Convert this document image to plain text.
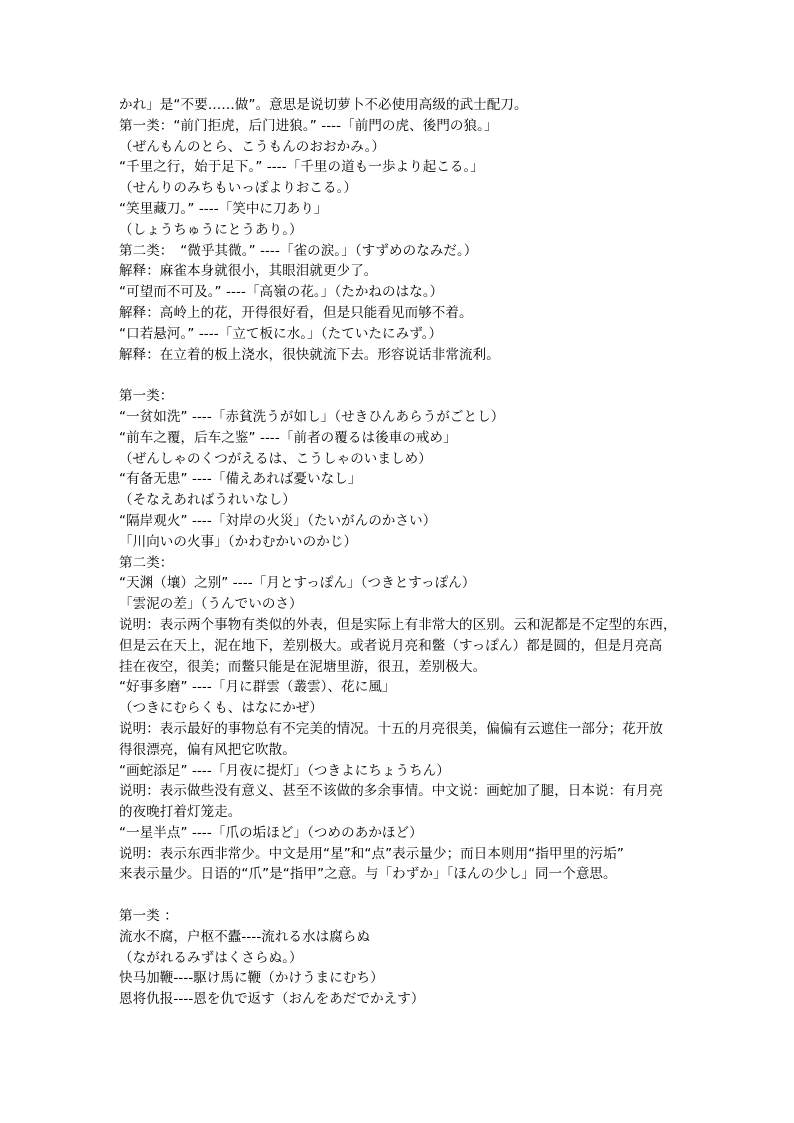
かれ」是“不要……做”。意思是说切萝卜不必使用高级的武士配刀。
第一类：“前门拒虎，后门进狼。” ----「前門の虎、後門の狼。」
（ぜんもんのとら、こうもんのおおかみ。）
“千里之行，始于足下。” ----「千里の道も一歩より起こる。」
（せんりのみちもいっぽよりおこる。）
“笑里藏刀。” ----「笑中に刀あり」
（しょうちゅうにとうあり。）
第二类：　“微乎其微。” ----「雀の涙。」（すずめのなみだ。）
解释：麻雀本身就很小，其眼泪就更少了。
“可望而不可及。” ----「高嶺の花。」（たかねのはな。）
解释：高岭上的花，开得很好看，但是只能看见而够不着。
“口若悬河。” ----「立て板に水。」（たていたにみず。）
解释：在立着的板上浇水，很快就流下去。形容说话非常流利。
第一类：
“一贫如洗” ----「赤貧洗うが如し」（せきひんあらうがごとし）
“前车之覆，后车之鉴” ----「前者の覆るは後車の戒め」
（ぜんしゃのくつがえるは、こうしゃのいましめ）
“有备无患” ----「備えあれば憂いなし」
（そなえあればうれいなし）
“隔岸观火” ----「対岸の火災」（たいがんのかさい）
「川向いの火事」（かわむかいのかじ）
第二类：
“天渊（壤）之别” ----「月とすっぽん」（つきとすっぽん）
「雲泥の差」（うんでいのさ）
说明：表示两个事物有类似的外表，但是实际上有非常大的区别。云和泥都是不定型的东西，
但是云在天上，泥在地下，差别极大。或者说月亮和鳖（すっぽん）都是圆的，但是月亮高
挂在夜空，很美；而鳖只能是在泥塘里游，很丑，差别极大。
“好事多磨” ----「月に群雲（叢雲）、花に風」
（つきにむらくも、はなにかぜ）
说明：表示最好的事物总有不完美的情况。十五的月亮很美，偏偏有云遮住一部分；花开放
得很漂亮，偏有风把它吹散。
“画蛇添足” ----「月夜に提灯」（つきよにちょうちん）
说明：表示做些没有意义、甚至不该做的多余事情。中文说：画蛇加了腿，日本说：有月亮
的夜晚打着灯笼走。
“一星半点” ----「爪の垢ほど」（つめのあかほど）
说明：表示东西非常少。中文是用“星”和“点”表示量少；而日本则用“指甲里的污垢”
来表示量少。日语的“爪”是“指甲”之意。与「わずか」「ほんの少し」同一个意思。
第一类 ：
流水不腐，户枢不蠹----流れる水は腐らぬ
（ながれるみずはくさらぬ。）
快马加鞭----駆け馬に鞭（かけうまにむち）
恩将仇报----恩を仇で返す（おんをあだでかえす）
